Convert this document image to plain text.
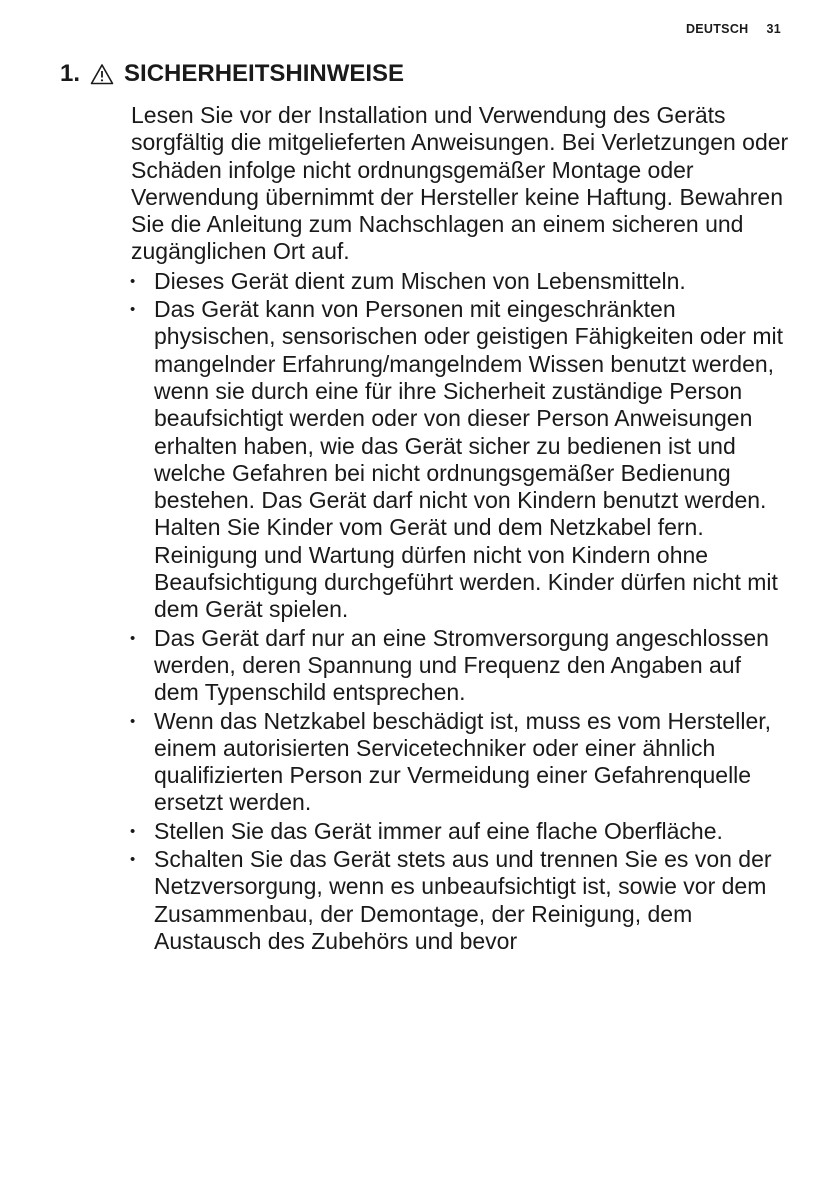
DEUTSCH 31
1. SICHERHEITSHINWEISE

Lesen Sie vor der Installation und Verwendung des Geräts sorgfältig die mitgelieferten Anweisungen. Bei Verletzungen oder Schäden infolge nicht ordnungsgemäßer Montage oder Verwendung übernimmt der Hersteller keine Haftung. Bewahren Sie die Anleitung zum Nachschlagen an einem sicheren und zugänglichen Ort auf.

• Dieses Gerät dient zum Mischen von Lebensmitteln.
• Das Gerät kann von Personen mit eingeschränkten physischen, sensorischen oder geistigen Fähigkeiten oder mit mangelnder Erfahrung/mangelndem Wissen benutzt werden, wenn sie durch eine für ihre Sicherheit zuständige Person beaufsichtigt werden oder von dieser Person Anweisungen erhalten haben, wie das Gerät sicher zu bedienen ist und welche Gefahren bei nicht ordnungsgemäßer Bedienung bestehen. Das Gerät darf nicht von Kindern benutzt werden. Halten Sie Kinder vom Gerät und dem Netzkabel fern. Reinigung und Wartung dürfen nicht von Kindern ohne Beaufsichtigung durchgeführt werden. Kinder dürfen nicht mit dem Gerät spielen.
• Das Gerät darf nur an eine Stromversorgung angeschlossen werden, deren Spannung und Frequenz den Angaben auf dem Typenschild entsprechen.
• Wenn das Netzkabel beschädigt ist, muss es vom Hersteller, einem autorisierten Servicetechniker oder einer ähnlich qualifizierten Person zur Vermeidung einer Gefahrenquelle ersetzt werden.
• Stellen Sie das Gerät immer auf eine flache Oberfläche.
• Schalten Sie das Gerät stets aus und trennen Sie es von der Netzversorgung, wenn es unbeaufsichtigt ist, sowie vor dem Zusammenbau, der Demontage, der Reinigung, dem Austausch des Zubehörs und bevor
